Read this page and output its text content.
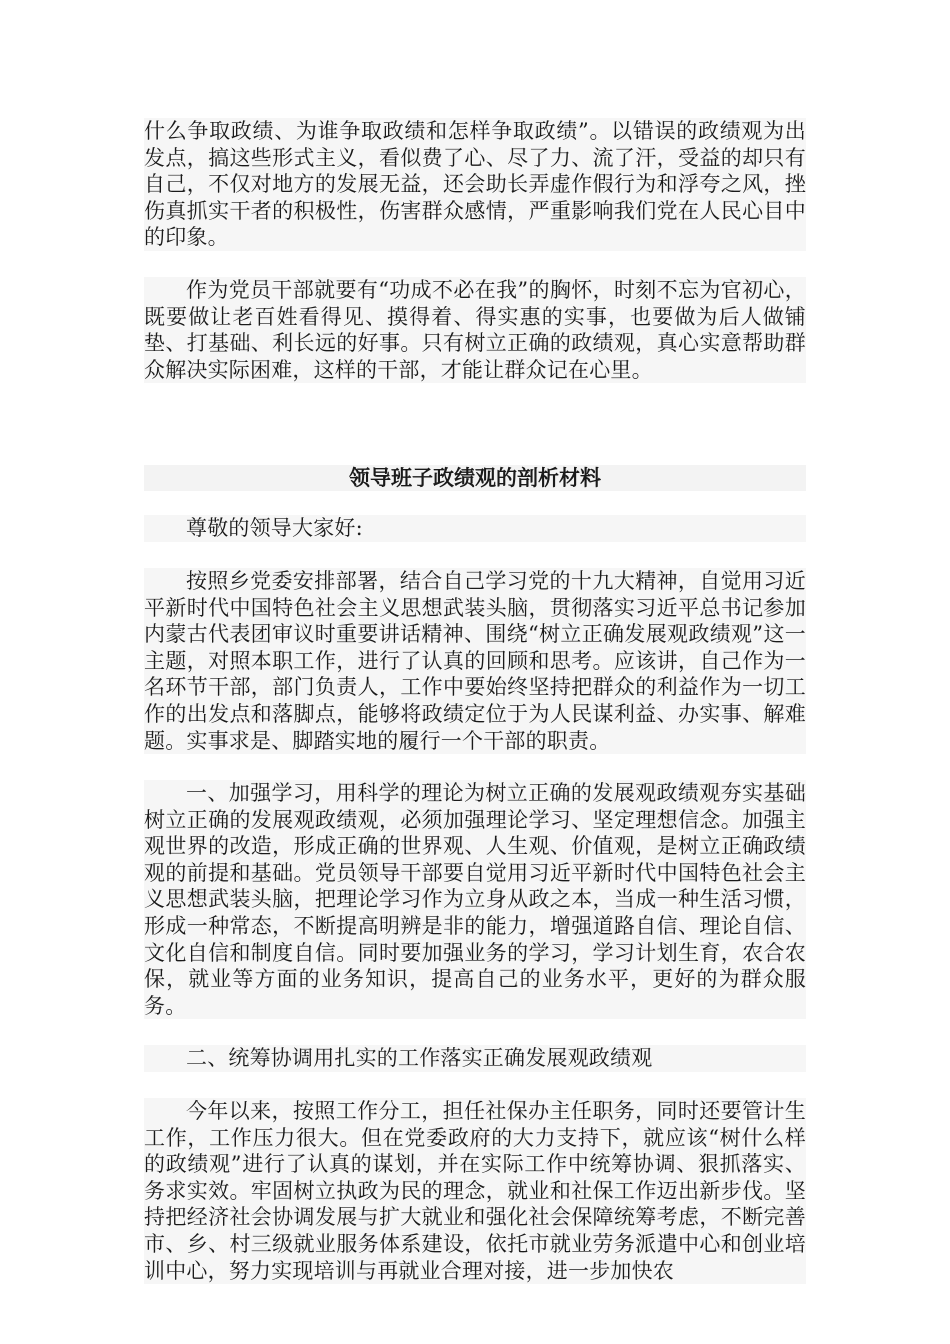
什么争取政绩、为谁争取政绩和怎样争取政绩”。以错误的政绩观为出发点，搞这些形式主义，看似费了心、尽了力、流了汗，受益的却只有自己，不仅对地方的发展无益，还会助长弄虚作假行为和浮夸之风，挫伤真抓实干者的积极性，伤害群众感情，严重影响我们党在人民心目中的印象。

作为党员干部就要有“功成不必在我”的胸怀，时刻不忘为官初心，既要做让老百姓看得见、摸得着、得实惠的实事，也要做为后人做铺垫、打基础、利长远的好事。只有树立正确的政绩观，真心实意帮助群众解决实际困难，这样的干部，才能让群众记在心里。

领导班子政绩观的剖析材料

尊敬的领导大家好:

按照乡党委安排部署，结合自己学习党的十九大精神，自觉用习近平新时代中国特色社会主义思想武装头脑，贯彻落实习近平总书记参加内蒙古代表团审议时重要讲话精神、围绕“树立正确发展观政绩观”这一主题，对照本职工作，进行了认真的回顾和思考。应该讲，自己作为一名环节干部，部门负责人，工作中要始终坚持把群众的利益作为一切工作的出发点和落脚点，能够将政绩定位于为人民谋利益、办实事、解难题。实事求是、脚踏实地的履行一个干部的职责。

一、加强学习，用科学的理论为树立正确的发展观政绩观夯实基础树立正确的发展观政绩观，必须加强理论学习、坚定理想信念。加强主观世界的改造，形成正确的世界观、人生观、价值观，是树立正确政绩观的前提和基础。党员领导干部要自觉用习近平新时代中国特色社会主义思想武装头脑，把理论学习作为立身从政之本，当成一种生活习惯，形成一种常态，不断提高明辨是非的能力，增强道路自信、理论自信、文化自信和制度自信。同时要加强业务的学习，学习计划生育，农合农保，就业等方面的业务知识，提高自己的业务水平，更好的为群众服务。

二、统筹协调用扎实的工作落实正确发展观政绩观

今年以来，按照工作分工，担任社保办主任职务，同时还要管计生工作，工作压力很大。但在党委政府的大力支持下，就应该“树什么样的政绩观”进行了认真的谋划，并在实际工作中统筹协调、狠抓落实、务求实效。牢固树立执政为民的理念，就业和社保工作迈出新步伐。坚持把经济社会协调发展与扩大就业和强化社会保障统筹考虑，不断完善市、乡、村三级就业服务体系建设，依托市就业劳务派遣中心和创业培训中心，努力实现培训与再就业合理对接，进一步加快农
